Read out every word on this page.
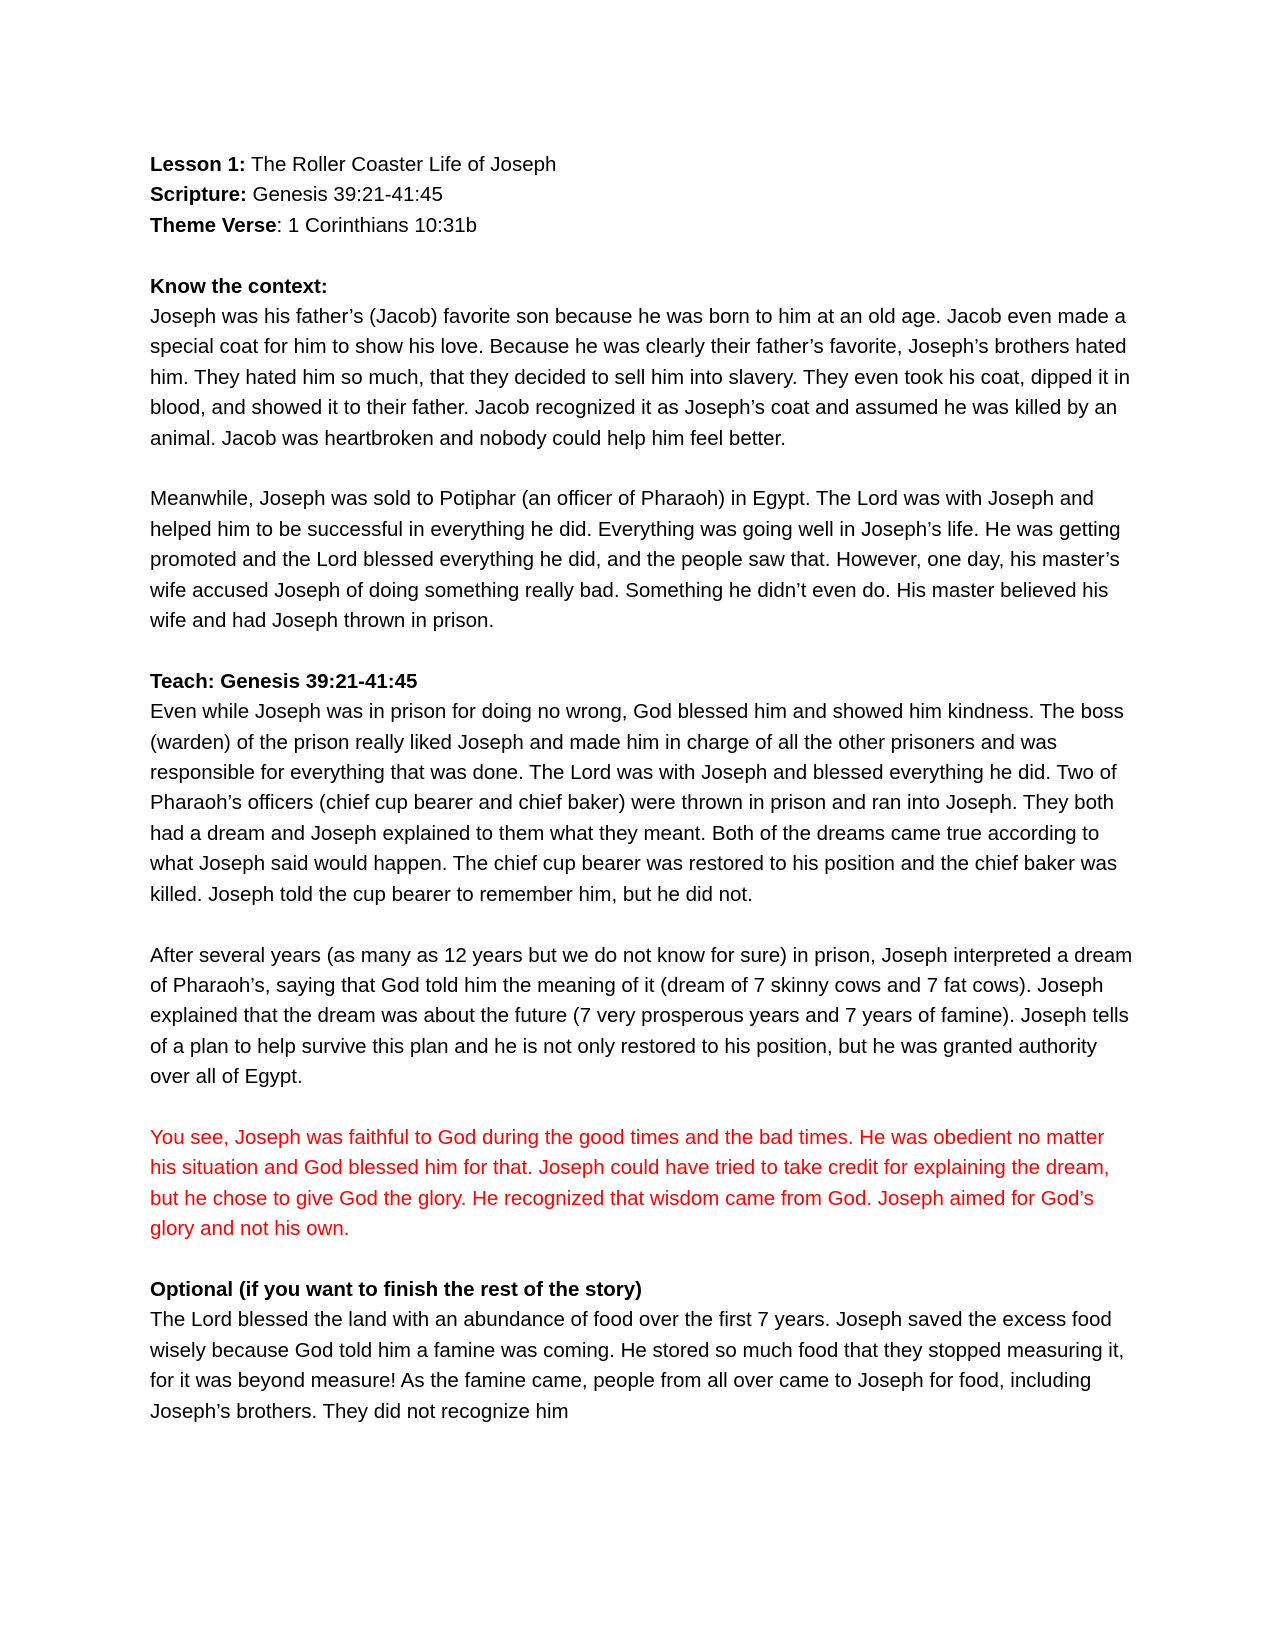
Lesson 1: The Roller Coaster Life of Joseph

Scripture: Genesis 39:21-41:45

Theme Verse: 1 Corinthians 10:31b

Know the context:

Joseph was his father’s (Jacob) favorite son because he was born to him at an old age. Jacob even made a special coat for him to show his love. Because he was clearly their father’s favorite, Joseph’s brothers hated him. They hated him so much, that they decided to sell him into slavery. They even took his coat, dipped it in blood, and showed it to their father. Jacob recognized it as Joseph’s coat and assumed he was killed by an animal. Jacob was heartbroken and nobody could help him feel better.

Meanwhile, Joseph was sold to Potiphar (an officer of Pharaoh) in Egypt. The Lord was with Joseph and helped him to be successful in everything he did. Everything was going well in Joseph’s life. He was getting promoted and the Lord blessed everything he did, and the people saw that. However, one day, his master’s wife accused Joseph of doing something really bad. Something he didn’t even do. His master believed his wife and had Joseph thrown in prison.

Teach: Genesis 39:21-41:45

Even while Joseph was in prison for doing no wrong, God blessed him and showed him kindness. The boss (warden) of the prison really liked Joseph and made him in charge of all the other prisoners and was responsible for everything that was done. The Lord was with Joseph and blessed everything he did. Two of Pharaoh’s officers (chief cup bearer and chief baker) were thrown in prison and ran into Joseph. They both had a dream and Joseph explained to them what they meant. Both of the dreams came true according to what Joseph said would happen. The chief cup bearer was restored to his position and the chief baker was killed. Joseph told the cup bearer to remember him, but he did not.

After several years (as many as 12 years but we do not know for sure) in prison, Joseph interpreted a dream of Pharaoh’s, saying that God told him the meaning of it (dream of 7 skinny cows and 7 fat cows). Joseph explained that the dream was about the future (7 very prosperous years and 7 years of famine). Joseph tells of a plan to help survive this plan and he is not only restored to his position, but he was granted authority over all of Egypt.

You see, Joseph was faithful to God during the good times and the bad times. He was obedient no matter his situation and God blessed him for that. Joseph could have tried to take credit for explaining the dream, but he chose to give God the glory. He recognized that wisdom came from God. Joseph aimed for God’s glory and not his own.

Optional (if you want to finish the rest of the story)

The Lord blessed the land with an abundance of food over the first 7 years. Joseph saved the excess food wisely because God told him a famine was coming. He stored so much food that they stopped measuring it, for it was beyond measure! As the famine came, people from all over came to Joseph for food, including Joseph’s brothers. They did not recognize him
